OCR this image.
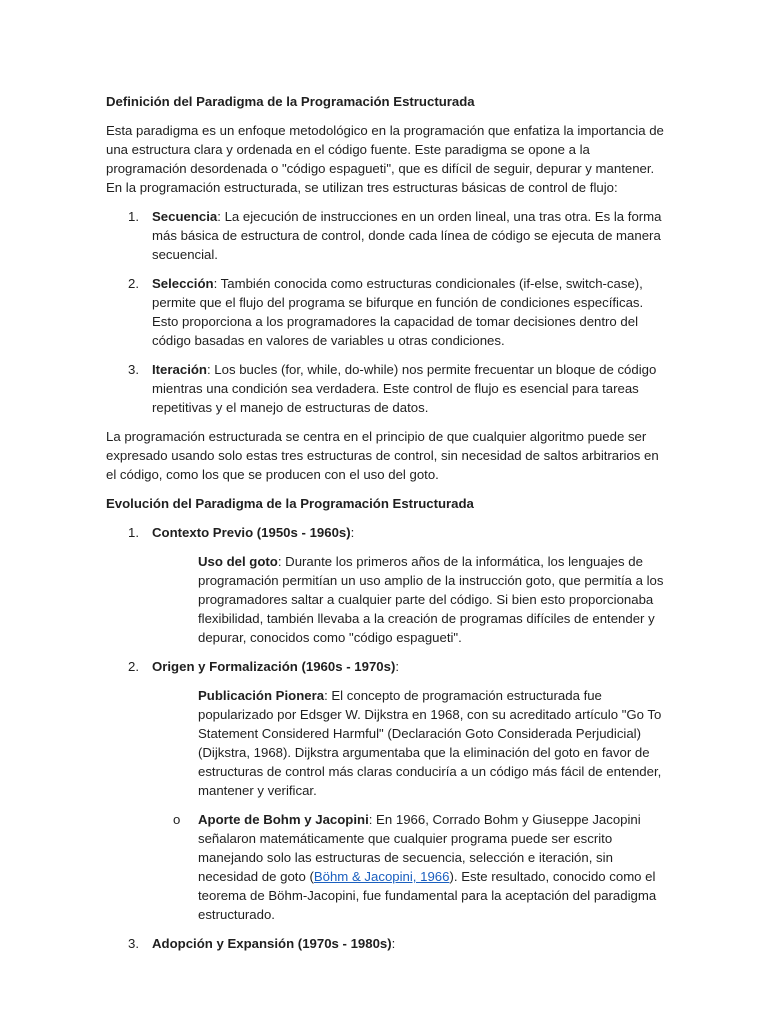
Definición del Paradigma de la Programación Estructurada

Esta paradigma es un enfoque metodológico en la programación que enfatiza la importancia de una estructura clara y ordenada en el código fuente. Este paradigma se opone a la programación desordenada o "código espagueti", que es difícil de seguir, depurar y mantener. En la programación estructurada, se utilizan tres estructuras básicas de control de flujo:

1. Secuencia: La ejecución de instrucciones en un orden lineal, una tras otra. Es la forma más básica de estructura de control, donde cada línea de código se ejecuta de manera secuencial.
2. Selección: También conocida como estructuras condicionales (if-else, switch-case), permite que el flujo del programa se bifurque en función de condiciones específicas. Esto proporciona a los programadores la capacidad de tomar decisiones dentro del código basadas en valores de variables u otras condiciones.
3. Iteración: Los bucles (for, while, do-while) nos permite frecuentar un bloque de código mientras una condición sea verdadera. Este control de flujo es esencial para tareas repetitivas y el manejo de estructuras de datos.

La programación estructurada se centra en el principio de que cualquier algoritmo puede ser expresado usando solo estas tres estructuras de control, sin necesidad de saltos arbitrarios en el código, como los que se producen con el uso del goto.

Evolución del Paradigma de la Programación Estructurada
1. Contexto Previo (1950s - 1960s):
Uso del goto: Durante los primeros años de la informática, los lenguajes de programación permitían un uso amplio de la instrucción goto, que permitía a los programadores saltar a cualquier parte del código. Si bien esto proporcionaba flexibilidad, también llevaba a la creación de programas difíciles de entender y depurar, conocidos como "código espagueti".
2. Origen y Formalización (1960s - 1970s):
Publicación Pionera: El concepto de programación estructurada fue popularizado por Edsger W. Dijkstra en 1968, con su acreditado artículo "Go To Statement Considered Harmful" (Declaración Goto Considerada Perjudicial) (Dijkstra, 1968). Dijkstra argumentaba que la eliminación del goto en favor de estructuras de control más claras conduciría a un código más fácil de entender, mantener y verificar.
o	Aporte de Bohm y Jacopini: En 1966, Corrado Bohm y Giuseppe Jacopini señalaron matemáticamente que cualquier programa puede ser escrito manejando solo las estructuras de secuencia, selección e iteración, sin necesidad de goto (Böhm & Jacopini, 1966). Este resultado, conocido como el teorema de Böhm-Jacopini, fue fundamental para la aceptación del paradigma estructurado.
3. Adopción y Expansión (1970s - 1980s):
